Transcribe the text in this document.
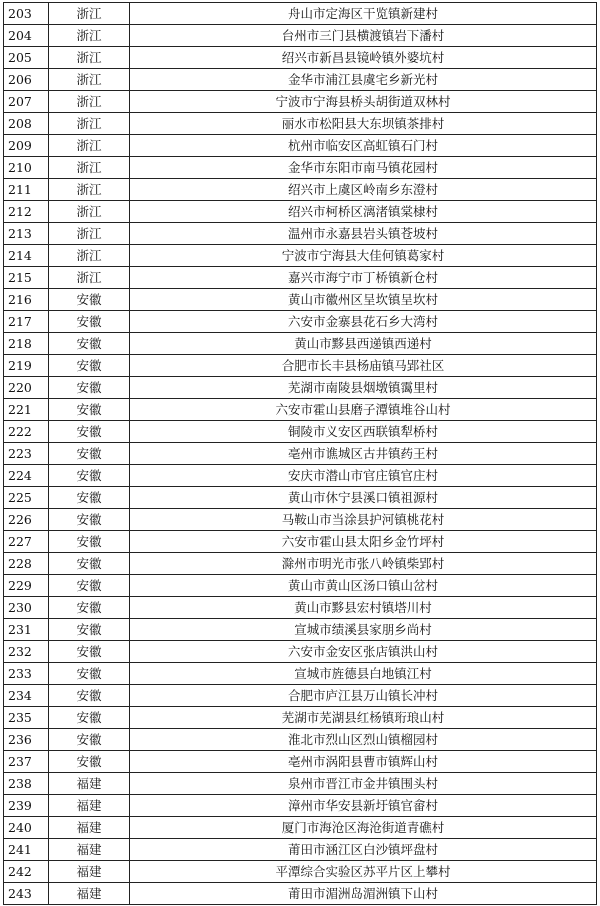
203	浙江	舟山市定海区干览镇新建村
204	浙江	台州市三门县横渡镇岩下潘村
205	浙江	绍兴市新昌县镜岭镇外婆坑村
206	浙江	金华市浦江县虞宅乡新光村
207	浙江	宁波市宁海县桥头胡街道双林村
208	浙江	丽水市松阳县大东坝镇茶排村
209	浙江	杭州市临安区高虹镇石门村
210	浙江	金华市东阳市南马镇花园村
211	浙江	绍兴市上虞区岭南乡东澄村
212	浙江	绍兴市柯桥区漓渚镇棠棣村
213	浙江	温州市永嘉县岩头镇苍坡村
214	浙江	宁波市宁海县大佳何镇葛家村
215	浙江	嘉兴市海宁市丁桥镇新仓村
216	安徽	黄山市徽州区呈坎镇呈坎村
217	安徽	六安市金寨县花石乡大湾村
218	安徽	黄山市黟县西递镇西递村
219	安徽	合肥市长丰县杨庙镇马郢社区
220	安徽	芜湖市南陵县烟墩镇霭里村
221	安徽	六安市霍山县磨子潭镇堆谷山村
222	安徽	铜陵市义安区西联镇犁桥村
223	安徽	亳州市谯城区古井镇药王村
224	安徽	安庆市潜山市官庄镇官庄村
225	安徽	黄山市休宁县溪口镇祖源村
226	安徽	马鞍山市当涂县护河镇桃花村
227	安徽	六安市霍山县太阳乡金竹坪村
228	安徽	滁州市明光市张八岭镇柴郢村
229	安徽	黄山市黄山区汤口镇山岔村
230	安徽	黄山市黟县宏村镇塔川村
231	安徽	宣城市绩溪县家朋乡尚村
232	安徽	六安市金安区张店镇洪山村
233	安徽	宣城市旌德县白地镇江村
234	安徽	合肥市庐江县万山镇长冲村
235	安徽	芜湖市芜湖县红杨镇珩琅山村
236	安徽	淮北市烈山区烈山镇榴园村
237	安徽	亳州市涡阳县曹市镇辉山村
238	福建	泉州市晋江市金井镇围头村
239	福建	漳州市华安县新圩镇官畲村
240	福建	厦门市海沧区海沧街道青礁村
241	福建	莆田市涵江区白沙镇坪盘村
242	福建	平潭综合实验区苏平片区上攀村
243	福建	莆田市湄洲岛湄洲镇下山村
